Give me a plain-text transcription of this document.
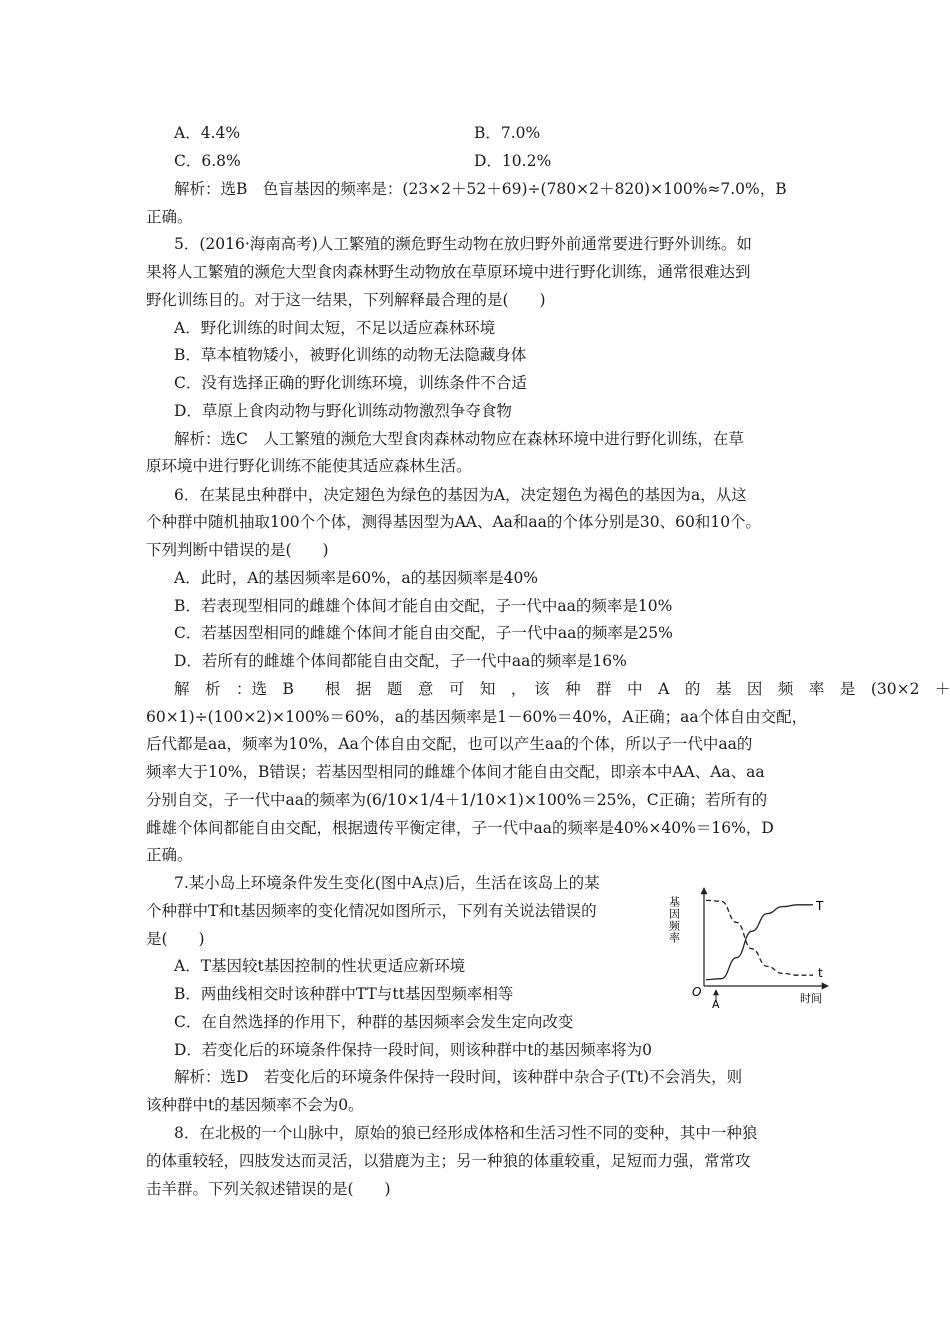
A．4.4%	B．7.0%
C．6.8%	D．10.2%
解析：选B　色盲基因的频率是：(23×2＋52＋69)÷(780×2＋820)×100%≈7.0%，B
正确。
5．(2016·海南高考)人工繁殖的濒危野生动物在放归野外前通常要进行野外训练。如
果将人工繁殖的濒危大型食肉森林野生动物放在草原环境中进行野化训练，通常很难达到
野化训练目的。对于这一结果，下列解释最合理的是(　　)
A．野化训练的时间太短，不足以适应森林环境
B．草本植物矮小，被野化训练的动物无法隐藏身体
C．没有选择正确的野化训练环境，训练条件不合适
D．草原上食肉动物与野化训练动物激烈争夺食物
解析：选C　人工繁殖的濒危大型食肉森林动物应在森林环境中进行野化训练，在草
原环境中进行野化训练不能使其适应森林生活。
6．在某昆虫种群中，决定翅色为绿色的基因为A，决定翅色为褐色的基因为a，从这
个种群中随机抽取100个个体，测得基因型为AA、Aa和aa的个体分别是30、60和10个。
下列判断中错误的是(　　)
A．此时，A的基因频率是60%，a的基因频率是40%
B．若表现型相同的雌雄个体间才能自由交配，子一代中aa的频率是10%
C．若基因型相同的雌雄个体间才能自由交配，子一代中aa的频率是25%
D．若所有的雌雄个体间都能自由交配，子一代中aa的频率是16%
解　析　：选　B　　根　据　题　意　可　知　，　该　种　群　中　A　的　基　因　频　率　是　(30×2　＋
60×1)÷(100×2)×100%＝60%，a的基因频率是1－60%＝40%，A正确；aa个体自由交配，
后代都是aa，频率为10%，Aa个体自由交配，也可以产生aa的个体，所以子一代中aa的
频率大于10%，B错误；若基因型相同的雌雄个体间才能自由交配，即亲本中AA、Aa、aa
分别自交，子一代中aa的频率为(6/10×1/4＋1/10×1)×100%＝25%，C正确；若所有的
雌雄个体间都能自由交配，根据遗传平衡定律，子一代中aa的频率是40%×40%＝16%，D
正确。
7.某小岛上环境条件发生变化(图中A点)后，生活在该岛上的某
个种群中T和t基因频率的变化情况如图所示，下列有关说法错误的
是(　　)
A．T基因较t基因控制的性状更适应新环境
B．两曲线相交时该种群中TT与tt基因型频率相等
C．在自然选择的作用下，种群的基因频率会发生定向改变
D．若变化后的环境条件保持一段时间，则该种群中t的基因频率将为0
解析：选D　若变化后的环境条件保持一段时间，该种群中杂合子(Tt)不会消失，则
该种群中t的基因频率不会为0。
基因频率
O
A	时间
T
t
8．在北极的一个山脉中，原始的狼已经形成体格和生活习性不同的变种，其中一种狼
的体重较轻，四肢发达而灵活，以猎鹿为主；另一种狼的体重较重，足短而力强，常常攻
击羊群。下列关叙述错误的是(　　)
